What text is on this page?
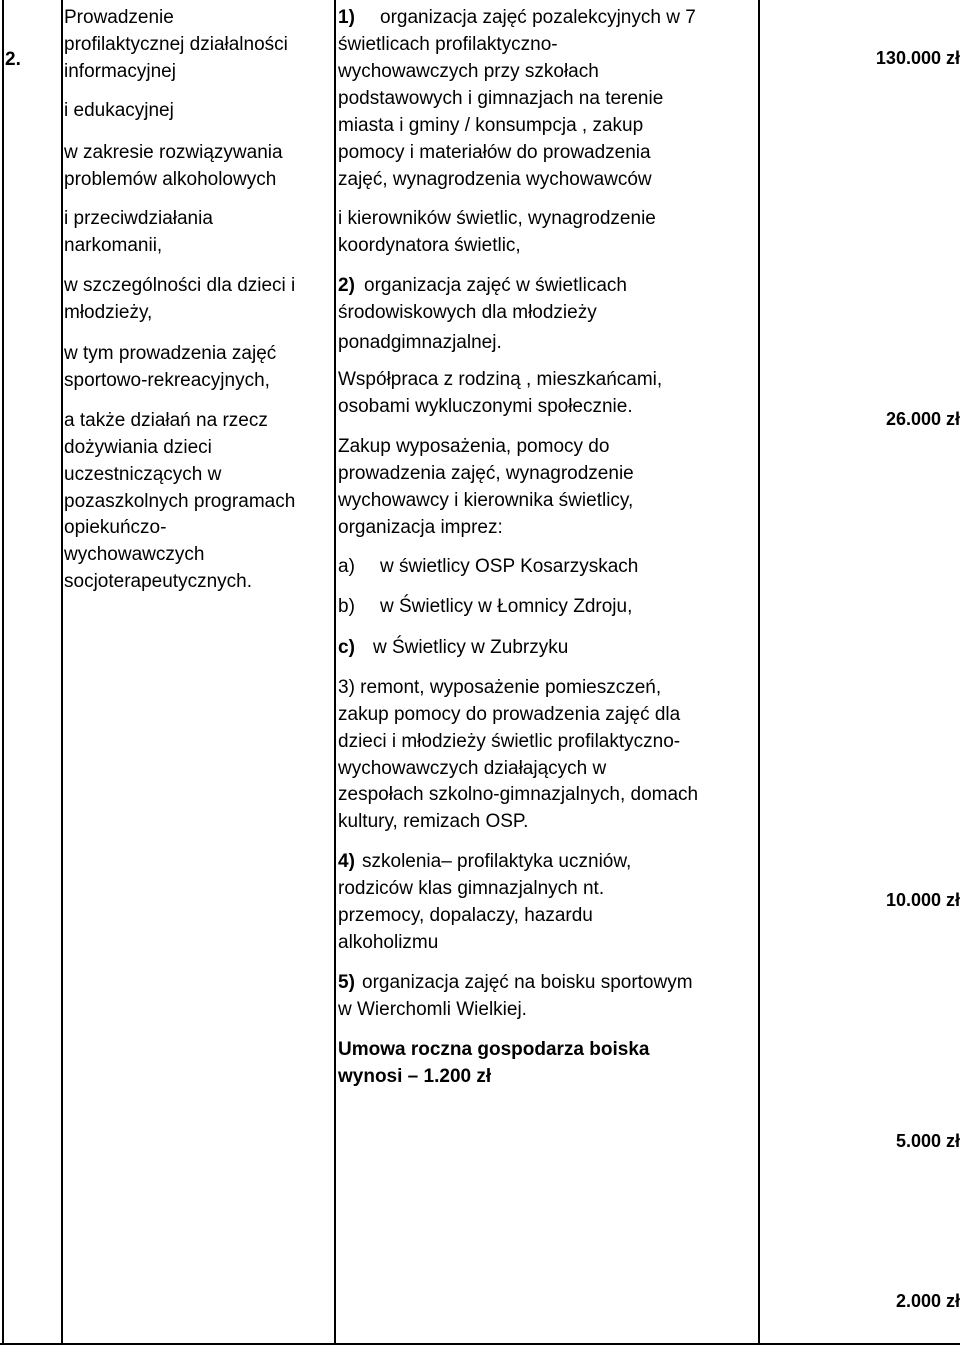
2.
Prowadzenie
profilaktycznej działalności
informacyjnej
i edukacyjnej
w zakresie rozwiązywania
problemów alkoholowych
i przeciwdziałania
narkomanii,
w szczególności dla dzieci i
młodzieży,
w tym prowadzenia zajęć
sportowo-rekreacyjnych,
a także działań na rzecz
dożywiania dzieci
uczestniczących w
pozaszkolnych programach
opiekuńczo-
wychowawczych
socjoterapeutycznych.
1) organizacja zajęć pozalekcyjnych w 7
świetlicach profilaktyczno-
wychowawczych przy szkołach
podstawowych i gimnazjach na terenie
miasta i gminy / konsumpcja , zakup
pomocy i materiałów do prowadzenia
zajęć, wynagrodzenia wychowawców
i kierowników świetlic, wynagrodzenie
koordynatora świetlic,
2) organizacja zajęć w świetlicach
środowiskowych dla młodzieży
ponadgimnazjalnej.
Współpraca z rodziną , mieszkańcami,
osobami wykluczonymi społecznie.
Zakup wyposażenia, pomocy do
prowadzenia zajęć, wynagrodzenie
wychowawcy i kierownika świetlicy,
organizacja imprez:
a) w świetlicy OSP Kosarzyskach
b) w Świetlicy w Łomnicy Zdroju,
c) w Świetlicy w Zubrzyku
3) remont, wyposażenie pomieszczeń,
zakup pomocy do prowadzenia zajęć dla
dzieci i młodzieży świetlic profilaktyczno-
wychowawczych działających w
zespołach szkolno-gimnazjalnych, domach
kultury, remizach OSP.
4) szkolenia– profilaktyka uczniów,
rodziców klas gimnazjalnych nt.
przemocy, dopalaczy, hazardu
alkoholizmu
5) organizacja zajęć na boisku sportowym
w Wierchomli Wielkiej.
Umowa roczna gospodarza boiska
wynosi – 1.200 zł
130.000 zł
26.000 zł
10.000 zł
5.000 zł
2.000 zł
